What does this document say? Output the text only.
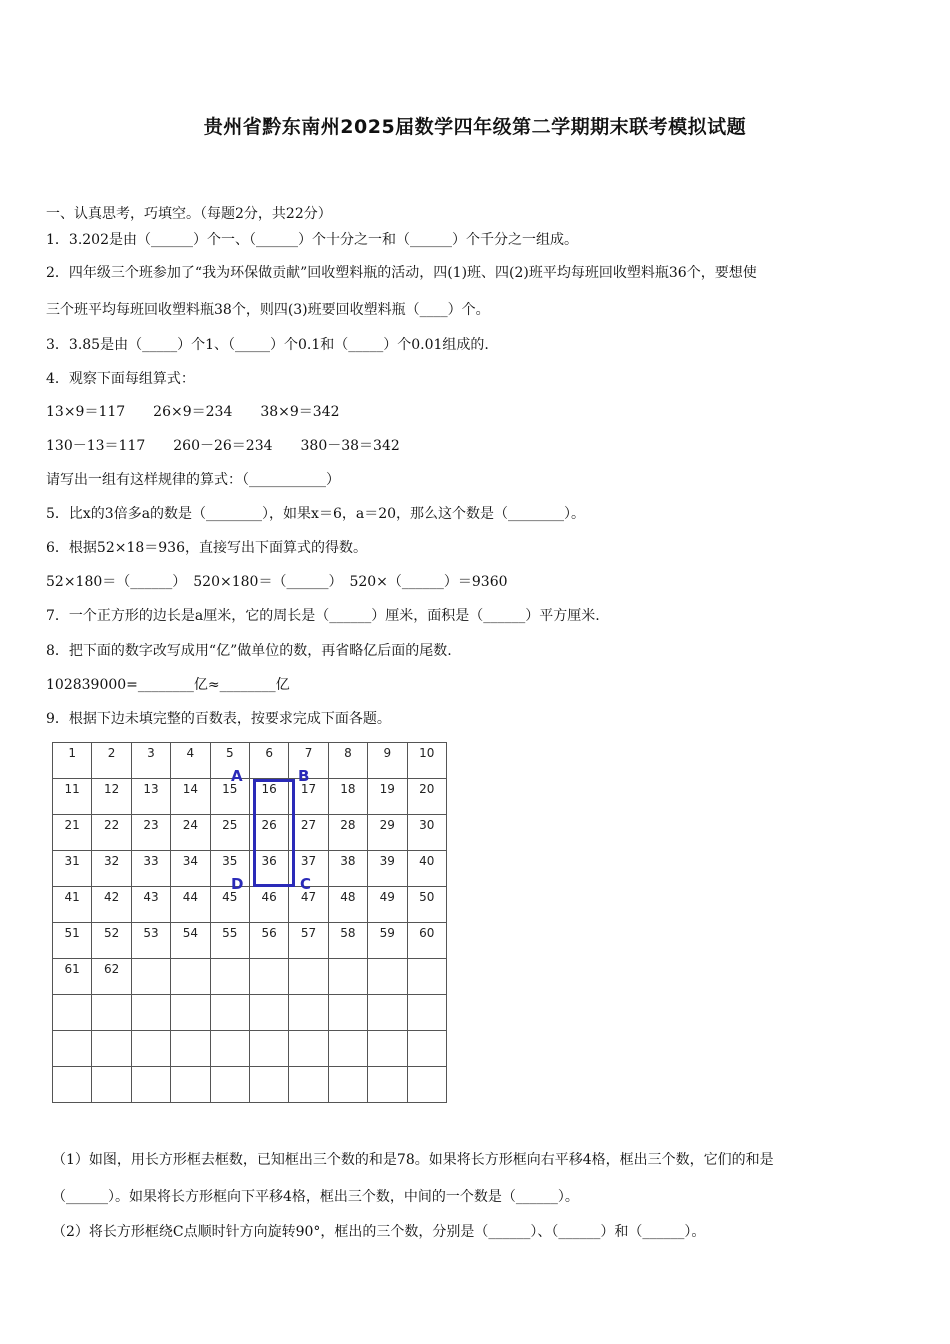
贵州省黔东南州2025届数学四年级第二学期期末联考模拟试题
一、认真思考，巧填空。（每题2分，共22分）
1．3.202是由（______）个一、（______）个十分之一和（______）个千分之一组成。
2．四年级三个班参加了“我为环保做贡献”回收塑料瓶的活动，四(1)班、四(2)班平均每班回收塑料瓶36个，要想使
三个班平均每班回收塑料瓶38个，则四(3)班要回收塑料瓶（____）个。
3．3.85是由（_____）个1、（_____）个0.1和（_____）个0.01组成的.
4．观察下面每组算式：
13×9＝117　　26×9＝234　　38×9＝342
130－13＝117　　260－26＝234　　380－38＝342
请写出一组有这样规律的算式：（___________）
5．比x的3倍多a的数是（________），如果x＝6，a＝20，那么这个数是（________）。
6．根据52×18＝936，直接写出下面算式的得数。
52×180＝（______）　520×180＝（______）　520×（______）＝9360
7．一个正方形的边长是a厘米，它的周长是（______）厘米，面积是（______）平方厘米.
8．把下面的数字改写成用“亿”做单位的数，再省略亿后面的尾数.
102839000=________亿≈________亿
9．根据下边未填完整的百数表，按要求完成下面各题。
1	2	3	4	5	6	7	8	9	10

11	12	13	14	15	16	17	18	19	20

21	22	23	24	25	26	27	28	29	30

31	32	33	34	35	36	37	38	39	40

41	42	43	44	45	46	47	48	49	50

51	52	53	54	55	56	57	58	59	60

61	62								

A	B
C
D
（1）如图，用长方形框去框数，已知框出三个数的和是78。如果将长方形框向右平移4格，框出三个数，它们的和是
（______）。如果将长方形框向下平移4格，框出三个数，中间的一个数是（______）。
（2）将长方形框绕C点顺时针方向旋转90°，框出的三个数，分别是（______）、（______）和（______）。
